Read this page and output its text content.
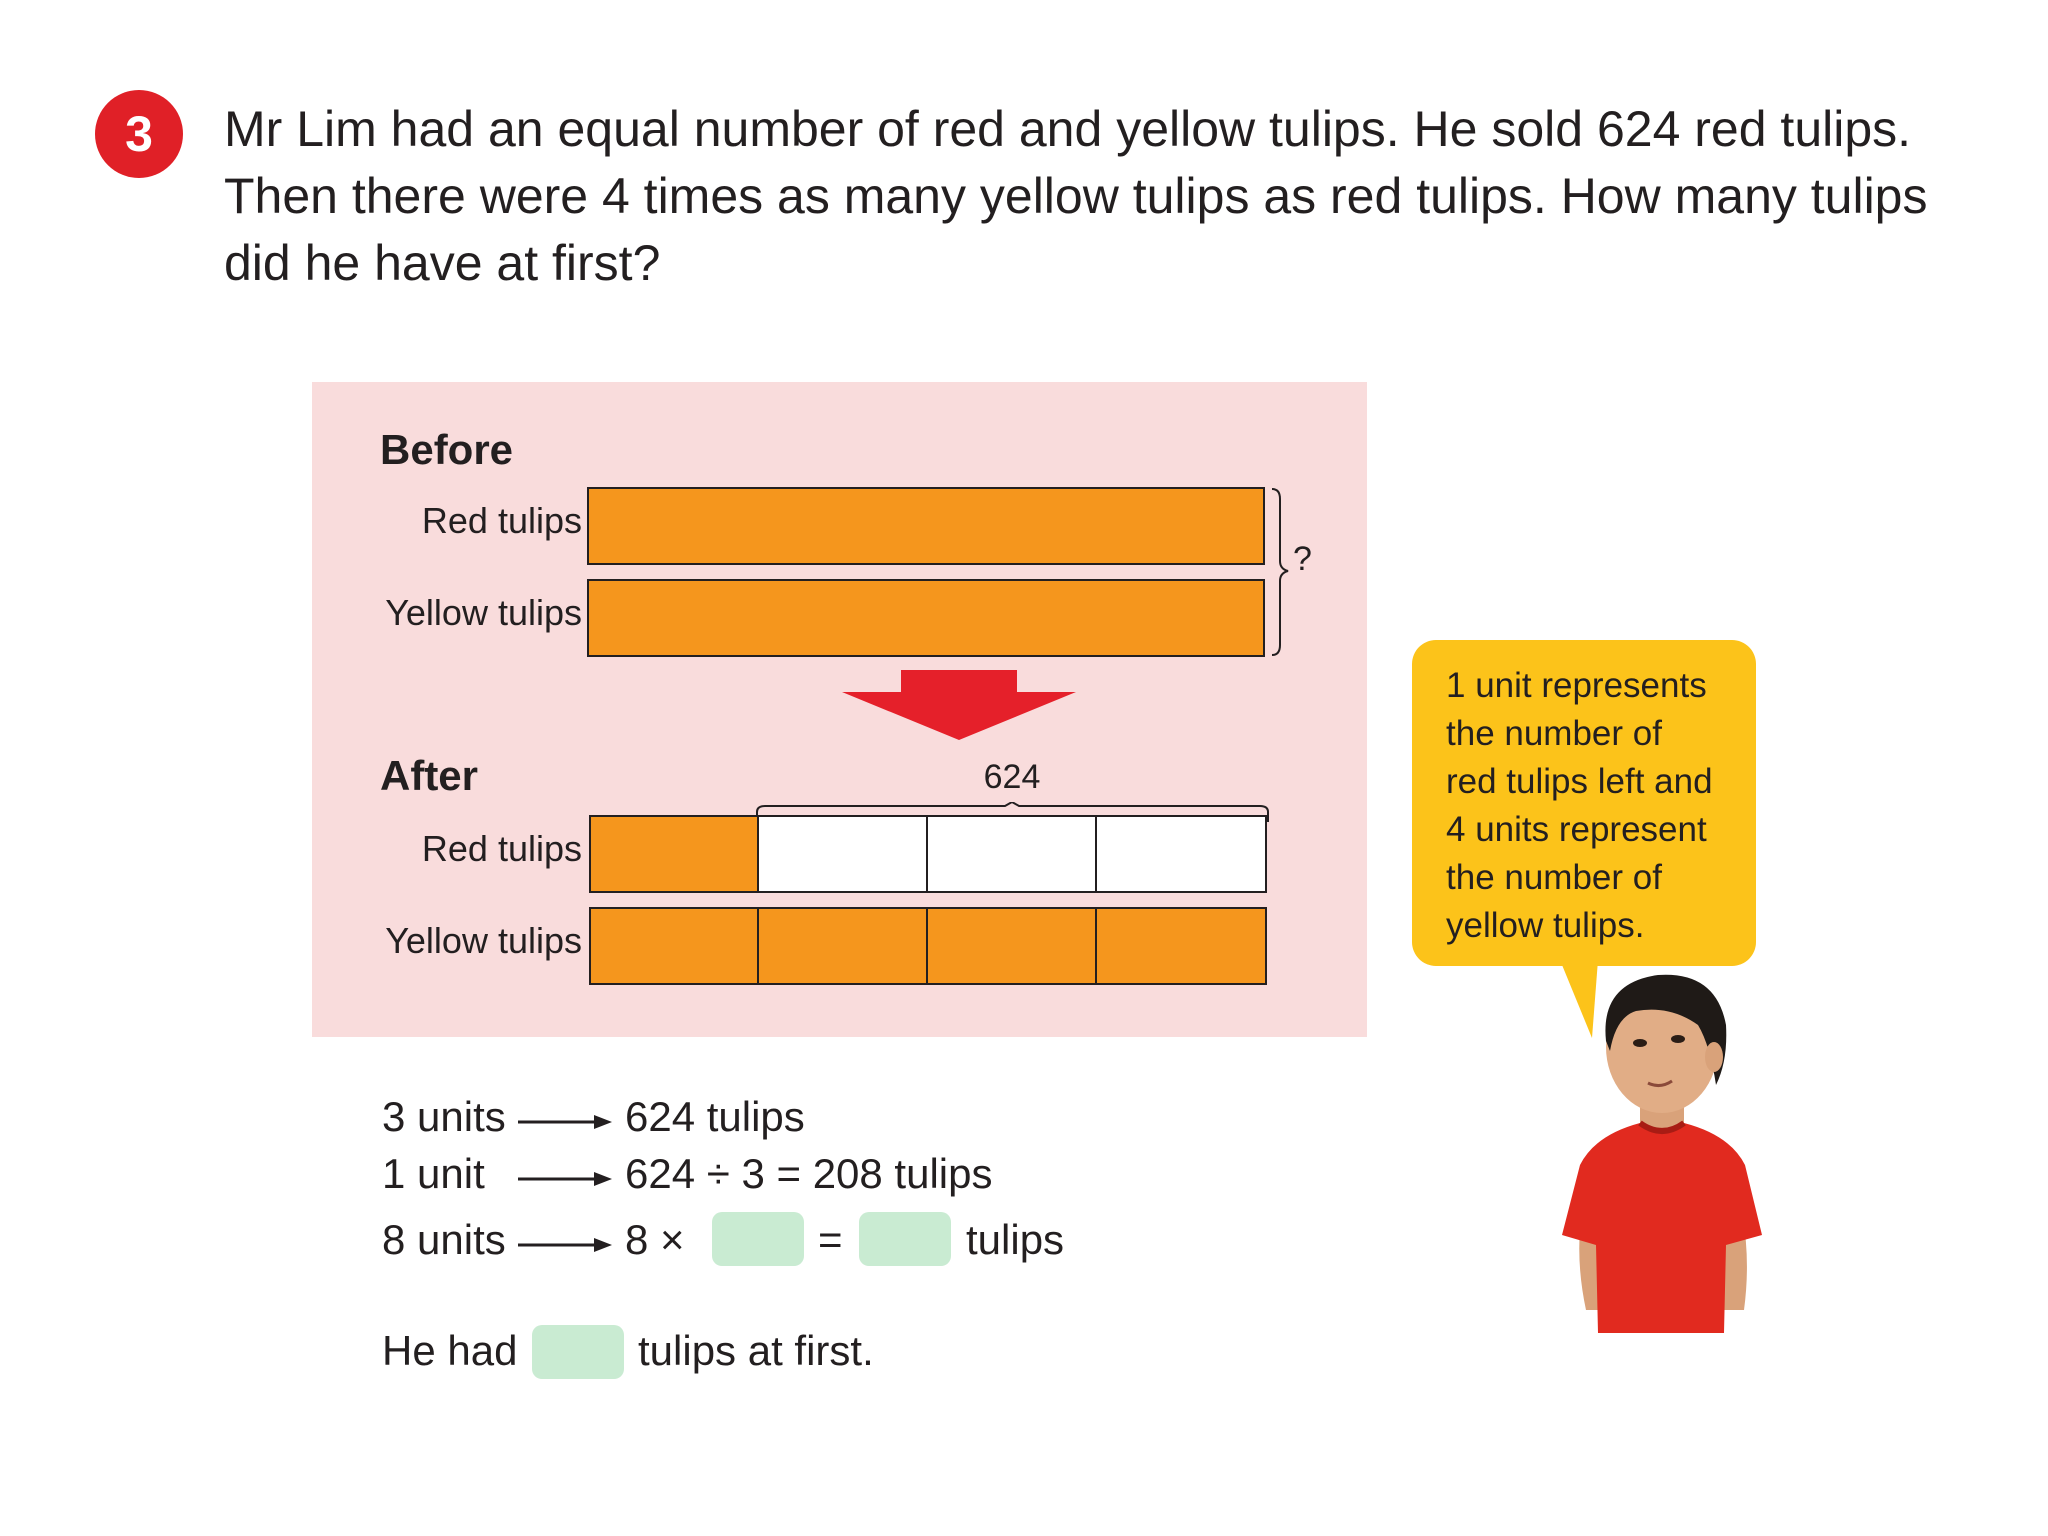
3	Mr Lim had an equal number of red and yellow tulips. He sold 624 red tulips.
Then there were 4 times as many yellow tulips as red tulips. How many tulips
did he have at first?
Before
Red tulips
Yellow tulips
?
After	624
Red tulips
Yellow tulips
3 units	624 tulips
1 unit	624 ÷ 3 = 208 tulips
8 units	8 ×	=	tulips
He had	tulips at first.
1 unit represents
the number of
red tulips left and
4 units represent
the number of
yellow tulips.
